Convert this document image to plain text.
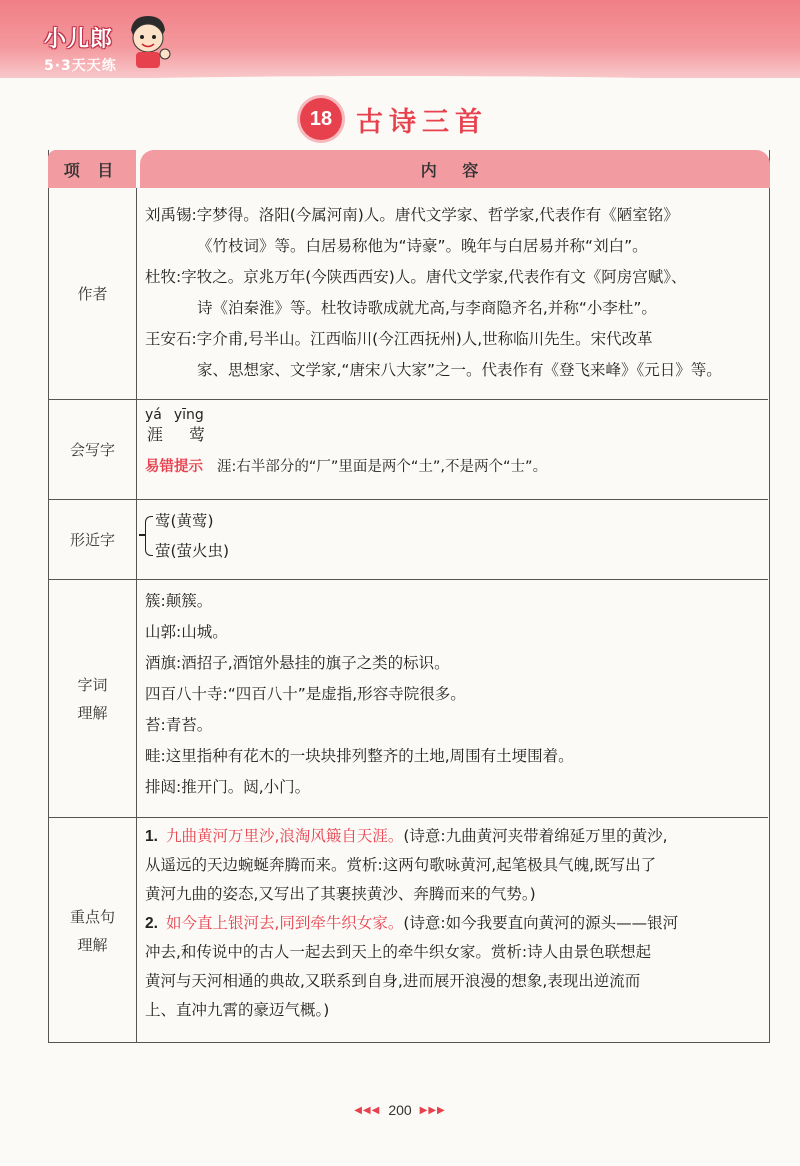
小儿郎
5·3天天练
18 古诗三首
项 目	内 容
作者
刘禹锡:字梦得。洛阳(今属河南)人。唐代文学家、哲学家,代表作有《陋室铭》
《竹枝词》等。白居易称他为“诗豪”。晚年与白居易并称“刘白”。
杜牧:字牧之。京兆万年(今陕西西安)人。唐代文学家,代表作有文《阿房宫赋》、
诗《泊秦淮》等。杜牧诗歌成就尤高,与李商隐齐名,并称“小李杜”。
王安石:字介甫,号半山。江西临川(今江西抚州)人,世称临川先生。宋代改革
家、思想家、文学家,“唐宋八大家”之一。代表作有《登飞来峰》《元日》等。
会写字
yá yīng
涯 莺
易错提示 涯:右半部分的“厂”里面是两个“土”,不是两个“士”。
形近字
莺(黄莺)
萤(萤火虫)
字词
理解
簇:颠簇。
山郭:山城。
酒旗:酒招子,酒馆外悬挂的旗子之类的标识。
四百八十寺:“四百八十”是虚指,形容寺院很多。
苔:青苔。
畦:这里指种有花木的一块块排列整齐的土地,周围有土埂围着。
排闼:推开门。闼,小门。
重点句
理解
1. 九曲黄河万里沙,浪淘风簸自天涯。(诗意:九曲黄河夹带着绵延万里的黄沙,
从遥远的天边蜿蜒奔腾而来。赏析:这两句歌咏黄河,起笔极具气魄,既写出了
黄河九曲的姿态,又写出了其裹挟黄沙、奔腾而来的气势。)
2. 如今直上银河去,同到牵牛织女家。(诗意:如今我要直向黄河的源头——银河
冲去,和传说中的古人一起去到天上的牵牛织女家。赏析:诗人由景色联想起
黄河与天河相通的典故,又联系到自身,进而展开浪漫的想象,表现出逆流而
上、直冲九霄的豪迈气概。)
◀◀◀ 200 ▶▶▶
